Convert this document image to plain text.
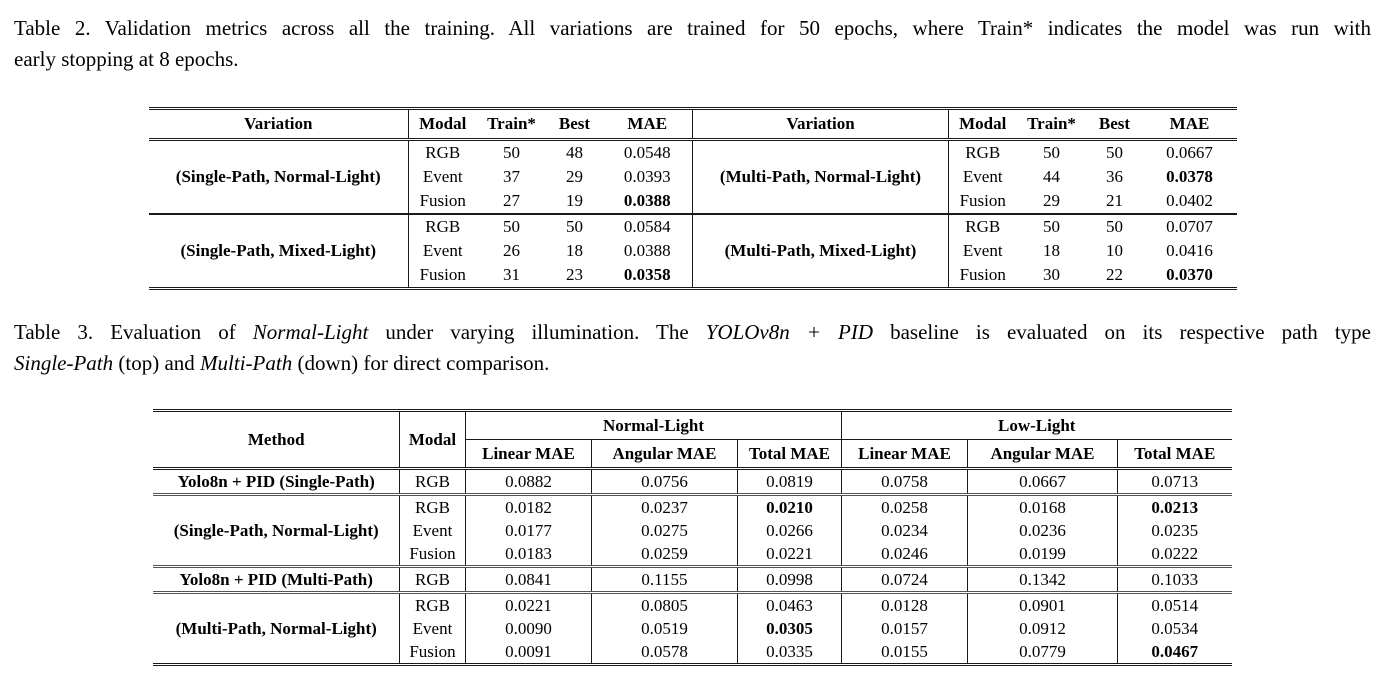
Table 2. Validation metrics across all the training. All variations are trained for 50 epochs, where Train* indicates the model was run with
early stopping at 8 epochs.
Variation	Modal	Train*	Best	MAE	Variation	Modal	Train*	Best	MAE
(Single-Path, Normal-Light)	RGB	50	48	0.0548	(Multi-Path, Normal-Light)	RGB	50	50	0.0667
	Event	37	29	0.0393		Event	44	36	0.0378
	Fusion	27	19	0.0388		Fusion	29	21	0.0402
(Single-Path, Mixed-Light)	RGB	50	50	0.0584	(Multi-Path, Mixed-Light)	RGB	50	50	0.0707
	Event	26	18	0.0388		Event	18	10	0.0416
	Fusion	31	23	0.0358		Fusion	30	22	0.0370
Table 3. Evaluation of Normal-Light under varying illumination. The YOLOv8n + PID baseline is evaluated on its respective path type
Single-Path (top) and Multi-Path (down) for direct comparison.
Method	Modal	Normal-Light			Low-Light		
		Linear MAE	Angular MAE	Total MAE	Linear MAE	Angular MAE	Total MAE
Yolo8n + PID (Single-Path)	RGB	0.0882	0.0756	0.0819	0.0758	0.0667	0.0713
(Single-Path, Normal-Light)	RGB	0.0182	0.0237	0.0210	0.0258	0.0168	0.0213
	Event	0.0177	0.0275	0.0266	0.0234	0.0236	0.0235
	Fusion	0.0183	0.0259	0.0221	0.0246	0.0199	0.0222
Yolo8n + PID (Multi-Path)	RGB	0.0841	0.1155	0.0998	0.0724	0.1342	0.1033
(Multi-Path, Normal-Light)	RGB	0.0221	0.0805	0.0463	0.0128	0.0901	0.0514
	Event	0.0090	0.0519	0.0305	0.0157	0.0912	0.0534
	Fusion	0.0091	0.0578	0.0335	0.0155	0.0779	0.0467
